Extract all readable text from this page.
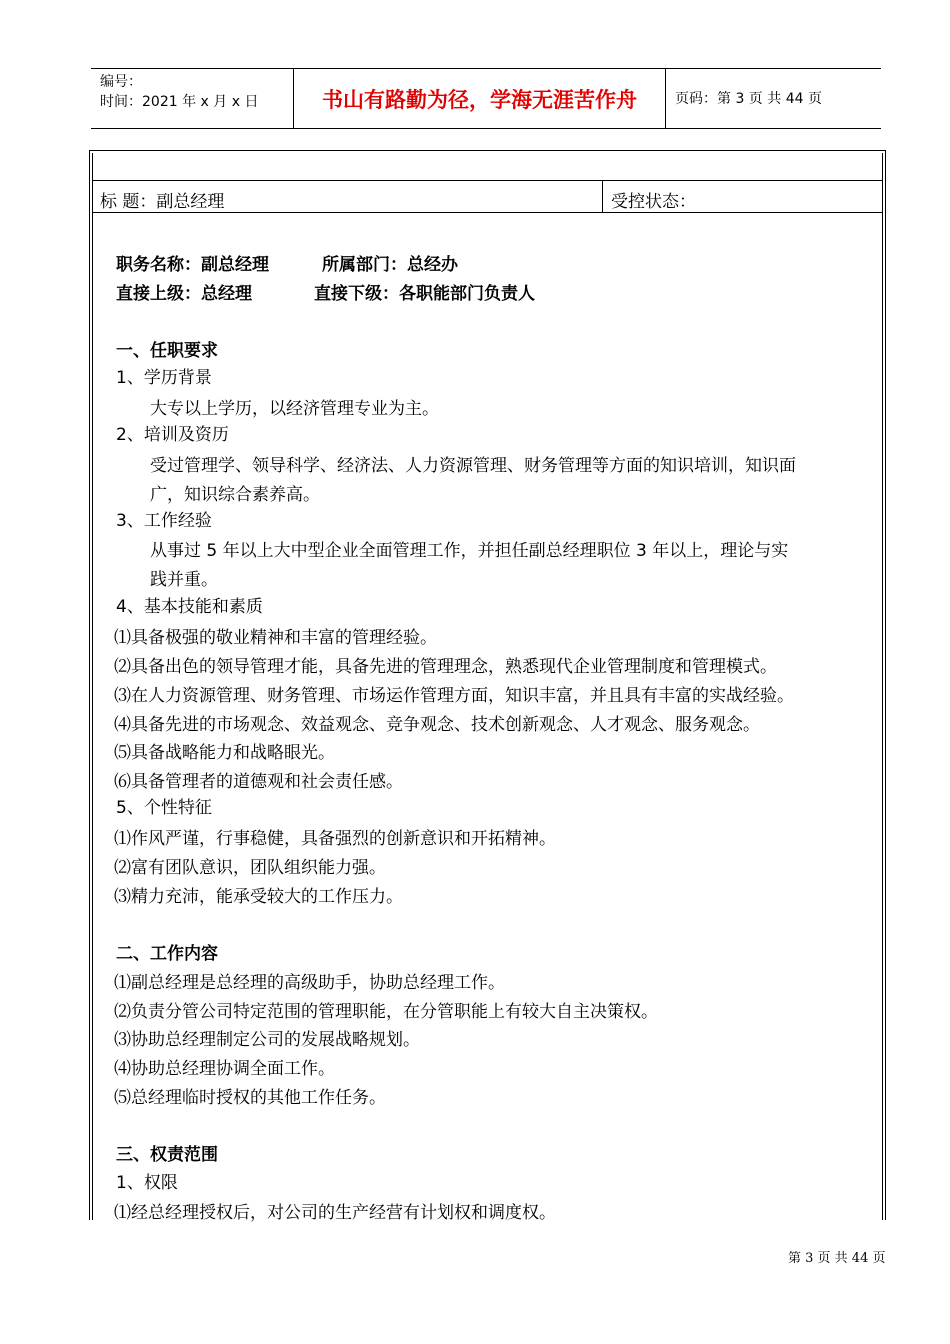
编号：
时间：2021 年 x 月 x 日	书山有路勤为径，学海无涯苦作舟	页码：第 3 页 共 44 页
标 题：副总经理	受控状态：
职务名称：副总经理	所属部门：总经办
直接上级：总经理	直接下级：各职能部门负责人
一、任职要求
1、学历背景
大专以上学历，以经济管理专业为主。
2、培训及资历
受过管理学、领导科学、经济法、人力资源管理、财务管理等方面的知识培训，知识面
广，知识综合素养高。
3、工作经验
从事过 5 年以上大中型企业全面管理工作，并担任副总经理职位 3 年以上，理论与实
践并重。
4、基本技能和素质
⑴具备极强的敬业精神和丰富的管理经验。
⑵具备出色的领导管理才能，具备先进的管理理念，熟悉现代企业管理制度和管理模式。
⑶在人力资源管理、财务管理、市场运作管理方面，知识丰富，并且具有丰富的实战经验。
⑷具备先进的市场观念、效益观念、竞争观念、技术创新观念、人才观念、服务观念。
⑸具备战略能力和战略眼光。
⑹具备管理者的道德观和社会责任感。
5、个性特征
⑴作风严谨，行事稳健，具备强烈的创新意识和开拓精神。
⑵富有团队意识，团队组织能力强。
⑶精力充沛，能承受较大的工作压力。
二、工作内容
⑴副总经理是总经理的高级助手，协助总经理工作。
⑵负责分管公司特定范围的管理职能，在分管职能上有较大自主决策权。
⑶协助总经理制定公司的发展战略规划。
⑷协助总经理协调全面工作。
⑸总经理临时授权的其他工作任务。
三、权责范围
1、权限
⑴经总经理授权后，对公司的生产经营有计划权和调度权。
第 3 页 共 44 页
